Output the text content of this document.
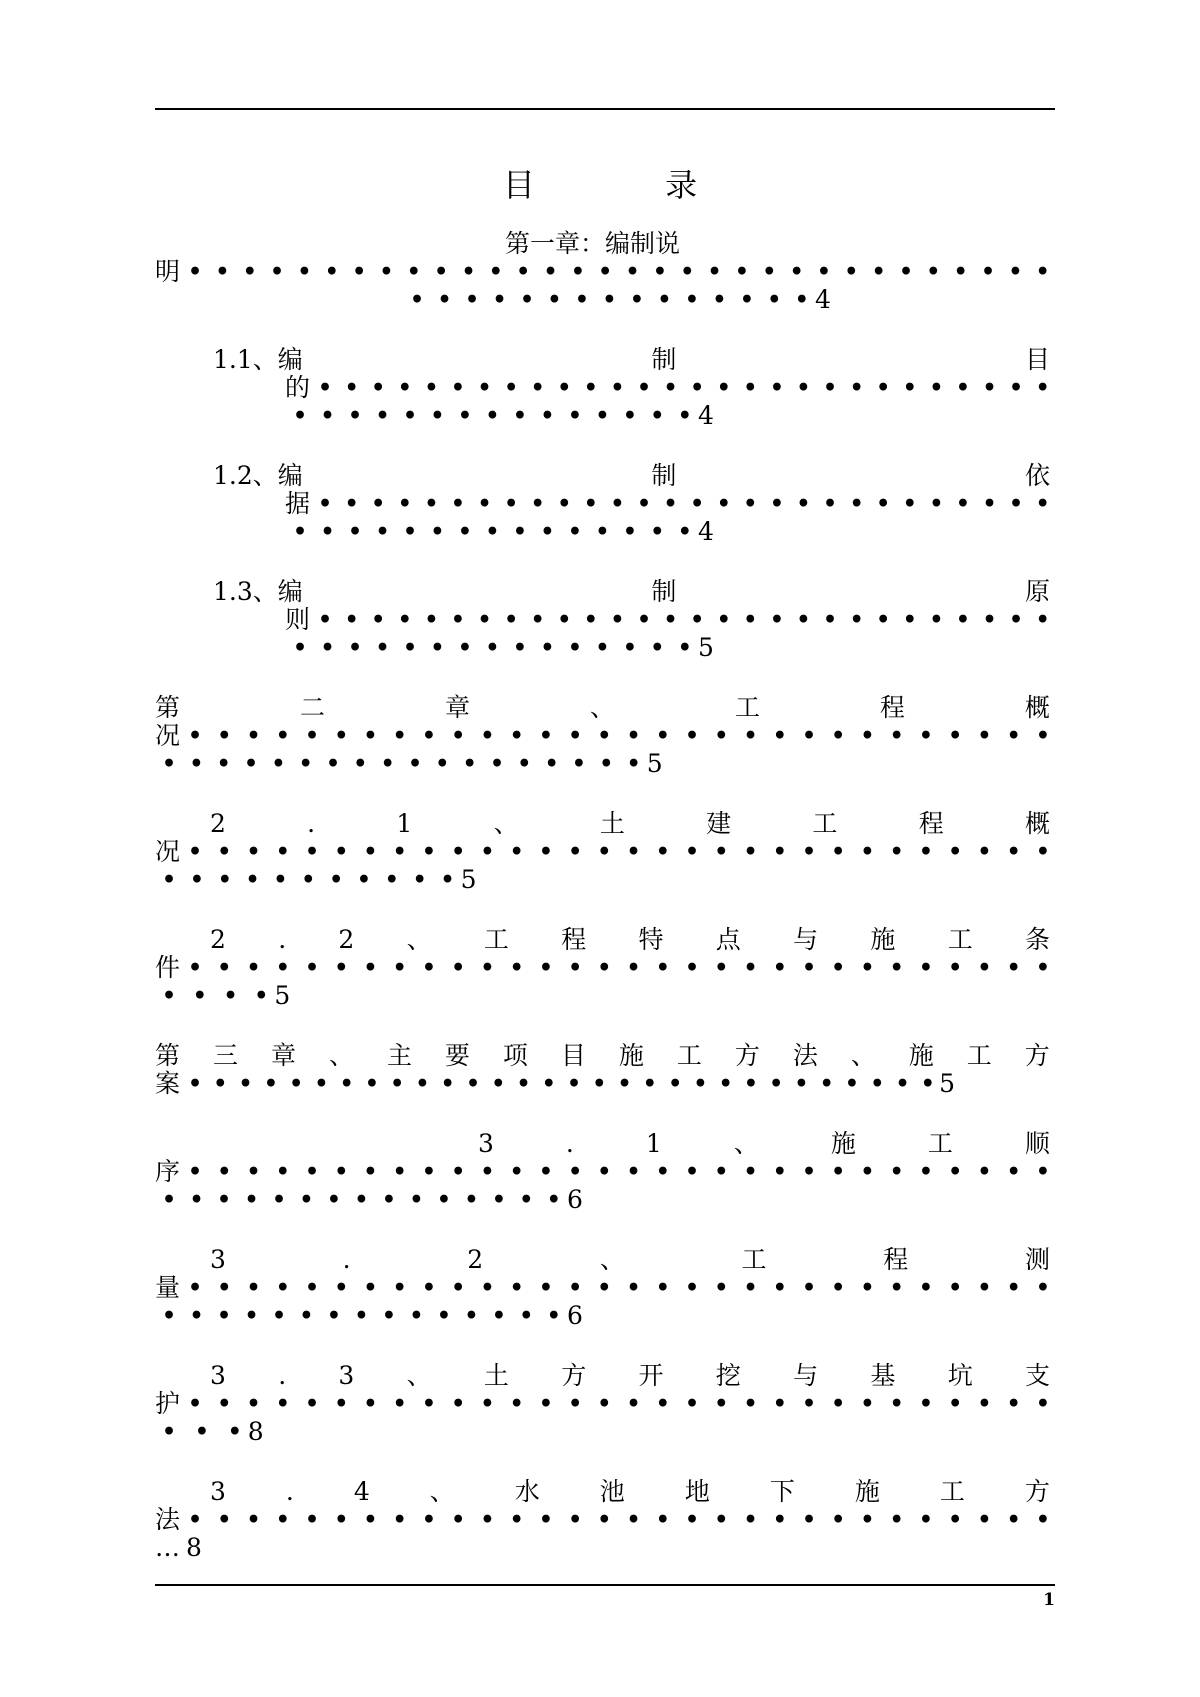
目 录
第一章：编制说
明 • • • • • • • • • • • • • • • • • • • • • • • • • • • • • • • •
• • • • • • • • • • • • • • • 4
1.1、编	制	目
的 • • • • • • • • • • • • • • • • • • • • • • • • • • • •
• • • • • • • • • • • • • • • 4
1.2、编	制	依
据 • • • • • • • • • • • • • • • • • • • • • • • • • • • •
• • • • • • • • • • • • • • • 4
1.3、编	制	原
则 • • • • • • • • • • • • • • • • • • • • • • • • • • • •
• • • • • • • • • • • • • • • 5
第	二	章	、	工	程	概
况 • • • • • • • • • • • • • • • • • • • • • • • • • • • • • •
• • • • • • • • • • • • • • • • • • 5
2	.	1	、	土	建	工	程	概
况 • • • • • • • • • • • • • • • • • • • • • • • • • • • • • •
• • • • • • • • • • • 5
2 . 2 、 工 程 特 点 与 施 工 条
件 • • • • • • • • • • • • • • • • • • • • • • • • • • • • • •
• • • • 5
第 三 章 、 主 要 项 目 施 工 方 法 、 施 工 方
案 • • • • • • • • • • • • • • • • • • • • • • • • • • • • • • 5
3	.	1	、	施	工	顺
序 • • • • • • • • • • • • • • • • • • • • • • • • • • • • • •
• • • • • • • • • • • • • • • 6
3	.	2	、	工	程	测
量 • • • • • • • • • • • • • • • • • • • • • • • • • • • • • •
• • • • • • • • • • • • • • • 6
3 . 3 、 土 方 开 挖 与 基 坑 支
护 • • • • • • • • • • • • • • • • • • • • • • • • • • • • • •
• • • 8
3 . 4 、 水 池 地 下 施 工 方
法 • • • • • • • • • • • • • • • • • • • • • • • • • • • • • •
… 8
1
